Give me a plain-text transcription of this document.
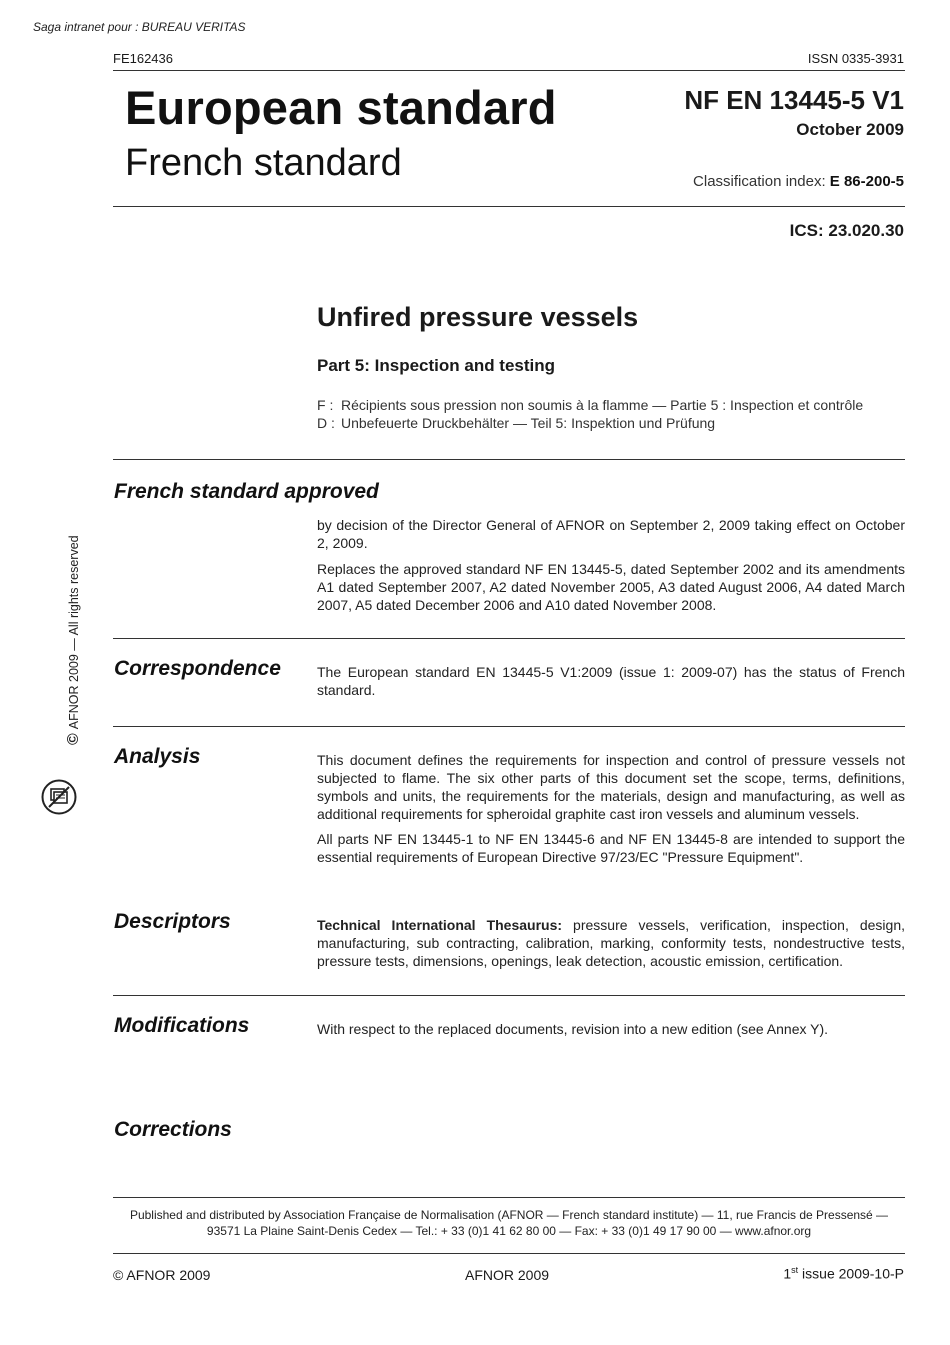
Saga intranet pour : BUREAU VERITAS
FE162436	ISSN 0335-3931
European standard
French standard
NF EN 13445-5 V1
October 2009
Classification index: E 86-200-5
ICS: 23.020.30
Unfired pressure vessels
Part 5: Inspection and testing
F : Récipients sous pression non soumis à la flamme — Partie 5 : Inspection et contrôle
D : Unbefeuerte Druckbehälter — Teil 5: Inspektion und Prüfung
French standard approved
by decision of the Director General of AFNOR on September 2, 2009 taking effect on October 2, 2009.
Replaces the approved standard NF EN 13445-5, dated September 2002 and its amendments A1 dated September 2007, A2 dated November 2005, A3 dated August 2006, A4 dated March 2007, A5 dated December 2006 and A10 dated November 2008.
Correspondence	The European standard EN 13445-5 V1:2009 (issue 1: 2009-07) has the status of French standard.
Analysis	This document defines the requirements for inspection and control of pressure vessels not subjected to flame. The six other parts of this document set the scope, terms, definitions, symbols and units, the requirements for the materials, design and manufacturing, as well as additional requirements for spheroidal graphite cast iron vessels and aluminum vessels.
All parts NF EN 13445-1 to NF EN 13445-6 and NF EN 13445-8 are intended to support the essential requirements of European Directive 97/23/EC "Pressure Equipment".
Descriptors	Technical International Thesaurus: pressure vessels, verification, inspection, design, manufacturing, sub contracting, calibration, marking, conformity tests, nondestructive tests, pressure tests, dimensions, openings, leak detection, acoustic emission, certification.
Modifications	With respect to the replaced documents, revision into a new edition (see Annex Y).
Corrections
©AFNOR 2009 — All rights reserved
Published and distributed by Association Française de Normalisation (AFNOR — French standard institute) — 11, rue Francis de Pressensé —
93571 La Plaine Saint-Denis Cedex — Tel.: + 33 (0)1 41 62 80 00 — Fax: + 33 (0)1 49 17 90 00 — www.afnor.org
© AFNOR 2009	AFNOR 2009	1st issue 2009-10-P
